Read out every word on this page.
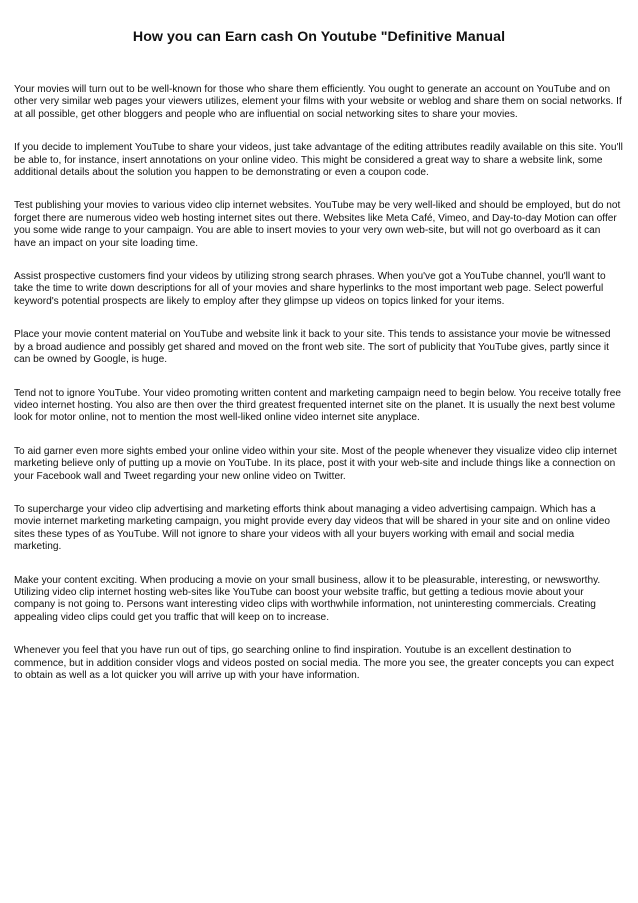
How you can Earn cash On Youtube "Definitive Manual

Your movies will turn out to be well-known for those who share them efficiently. You ought to generate an account on YouTube and on other very similar web pages your viewers utilizes, element your films with your website or weblog and share them on social networks. If at all possible, get other bloggers and people who are influential on social networking sites to share your movies.

If you decide to implement YouTube to share your videos, just take advantage of the editing attributes readily available on this site. You'll be able to, for instance, insert annotations on your online video. This might be considered a great way to share a website link, some additional details about the solution you happen to be demonstrating or even a coupon code.

Test publishing your movies to various video clip internet websites. YouTube may be very well-liked and should be employed, but do not forget there are numerous video web hosting internet sites out there. Websites like Meta Café, Vimeo, and Day-to-day Motion can offer you some wide range to your campaign. You are able to insert movies to your very own web-site, but will not go overboard as it can have an impact on your site loading time.

Assist prospective customers find your videos by utilizing strong search phrases. When you've got a YouTube channel, you'll want to take the time to write down descriptions for all of your movies and share hyperlinks to the most important web page. Select powerful keyword's potential prospects are likely to employ after they glimpse up videos on topics linked for your items.

Place your movie content material on YouTube and website link it back to your site. This tends to assistance your movie be witnessed by a broad audience and possibly get shared and moved on the front web site. The sort of publicity that YouTube gives, partly since it can be owned by Google, is huge.

Tend not to ignore YouTube. Your video promoting written content and marketing campaign need to begin below. You receive totally free video internet hosting. You also are then over the third greatest frequented internet site on the planet. It is usually the next best volume look for motor online, not to mention the most well-liked online video internet site anyplace.

To aid garner even more sights embed your online video within your site. Most of the people whenever they visualize video clip internet marketing believe only of putting up a movie on YouTube. In its place, post it with your web-site and include things like a connection on your Facebook wall and Tweet regarding your new online video on Twitter.

To supercharge your video clip advertising and marketing efforts think about managing a video advertising campaign. Which has a movie internet marketing marketing campaign, you might provide every day videos that will be shared in your site and on online video sites these types of as YouTube. Will not ignore to share your videos with all your buyers working with email and social media marketing.

Make your content exciting. When producing a movie on your small business, allow it to be pleasurable, interesting, or newsworthy. Utilizing video clip internet hosting web-sites like YouTube can boost your website traffic, but getting a tedious movie about your company is not going to. Persons want interesting video clips with worthwhile information, not uninteresting commercials. Creating appealing video clips could get you traffic that will keep on to increase.

Whenever you feel that you have run out of tips, go searching online to find inspiration. Youtube is an excellent destination to commence, but in addition consider vlogs and videos posted on social media. The more you see, the greater concepts you can expect to obtain as well as a lot quicker you will arrive up with your have information.
